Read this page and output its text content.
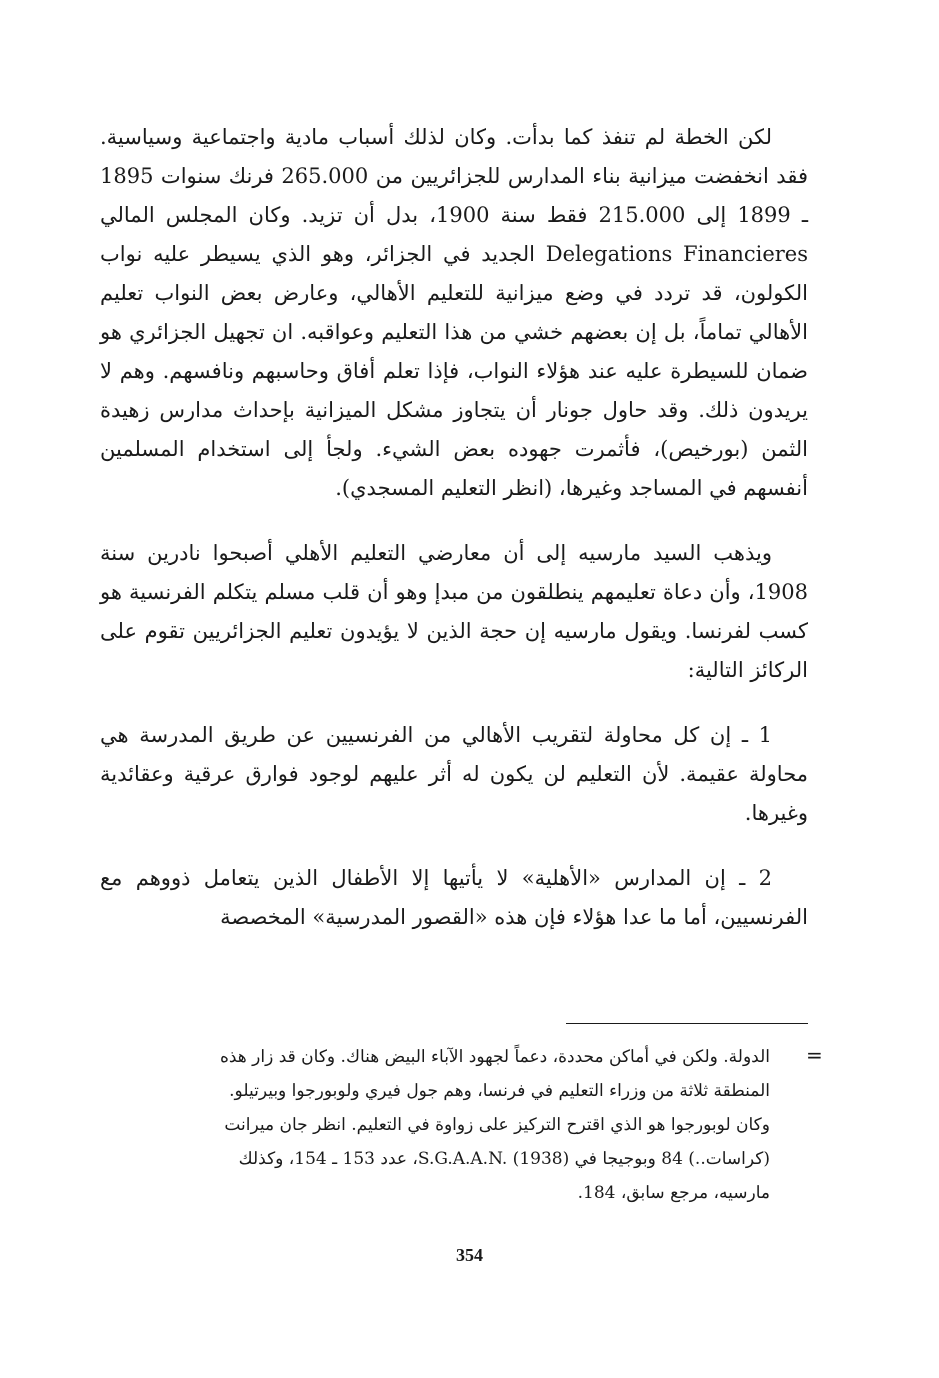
لكن الخطة لم تنفذ كما بدأت. وكان لذلك أسباب مادية واجتماعية وسياسية. فقد انخفضت ميزانية بناء المدارس للجزائريين من 265.000 فرنك سنوات 1895 ـ 1899 إلى 215.000 فقط سنة 1900، بدل أن تزيد. وكان المجلس المالي Delegations Financieres الجديد في الجزائر، وهو الذي يسيطر عليه نواب الكولون، قد تردد في وضع ميزانية للتعليم الأهالي، وعارض بعض النواب تعليم الأهالي تماماً، بل إن بعضهم خشي من هذا التعليم وعواقبه. ان تجهيل الجزائري هو ضمان للسيطرة عليه عند هؤلاء النواب، فإذا تعلم أفاق وحاسبهم ونافسهم. وهم لا يريدون ذلك. وقد حاول جونار أن يتجاوز مشكل الميزانية بإحداث مدارس زهيدة الثمن (بورخيص)، فأثمرت جهوده بعض الشيء. ولجأ إلى استخدام المسلمين أنفسهم في المساجد وغيرها، (انظر التعليم المسجدي).

ويذهب السيد مارسيه إلى أن معارضي التعليم الأهلي أصبحوا نادرين سنة 1908، وأن دعاة تعليمهم ينطلقون من مبدإ وهو أن قلب مسلم يتكلم الفرنسية هو كسب لفرنسا. ويقول مارسيه إن حجة الذين لا يؤيدون تعليم الجزائريين تقوم على الركائز التالية:

1 ـ إن كل محاولة لتقريب الأهالي من الفرنسيين عن طريق المدرسة هي محاولة عقيمة. لأن التعليم لن يكون له أثر عليهم لوجود فوارق عرقية وعقائدية وغيرها.

2 ـ إن المدارس «الأهلية» لا يأتيها إلا الأطفال الذين يتعامل ذووهم مع الفرنسيين، أما ما عدا هؤلاء فإن هذه «القصور المدرسية» المخصصة

=

الدولة. ولكن في أماكن محددة، دعماً لجهود الآباء البيض هناك. وكان قد زار هذه

المنطقة ثلاثة من وزراء التعليم في فرنسا، وهم جول فيري ولوبورجوا وبيرتيلو.

وكان لوبورجوا هو الذي اقترح التركيز على زواوة في التعليم. انظر جان ميرانت

(كراسات..) 84 وبوجيجا في S.G.A.A.N. (1938)، عدد 153 ـ 154، وكذلك

مارسيه، مرجع سابق، 184.

354
